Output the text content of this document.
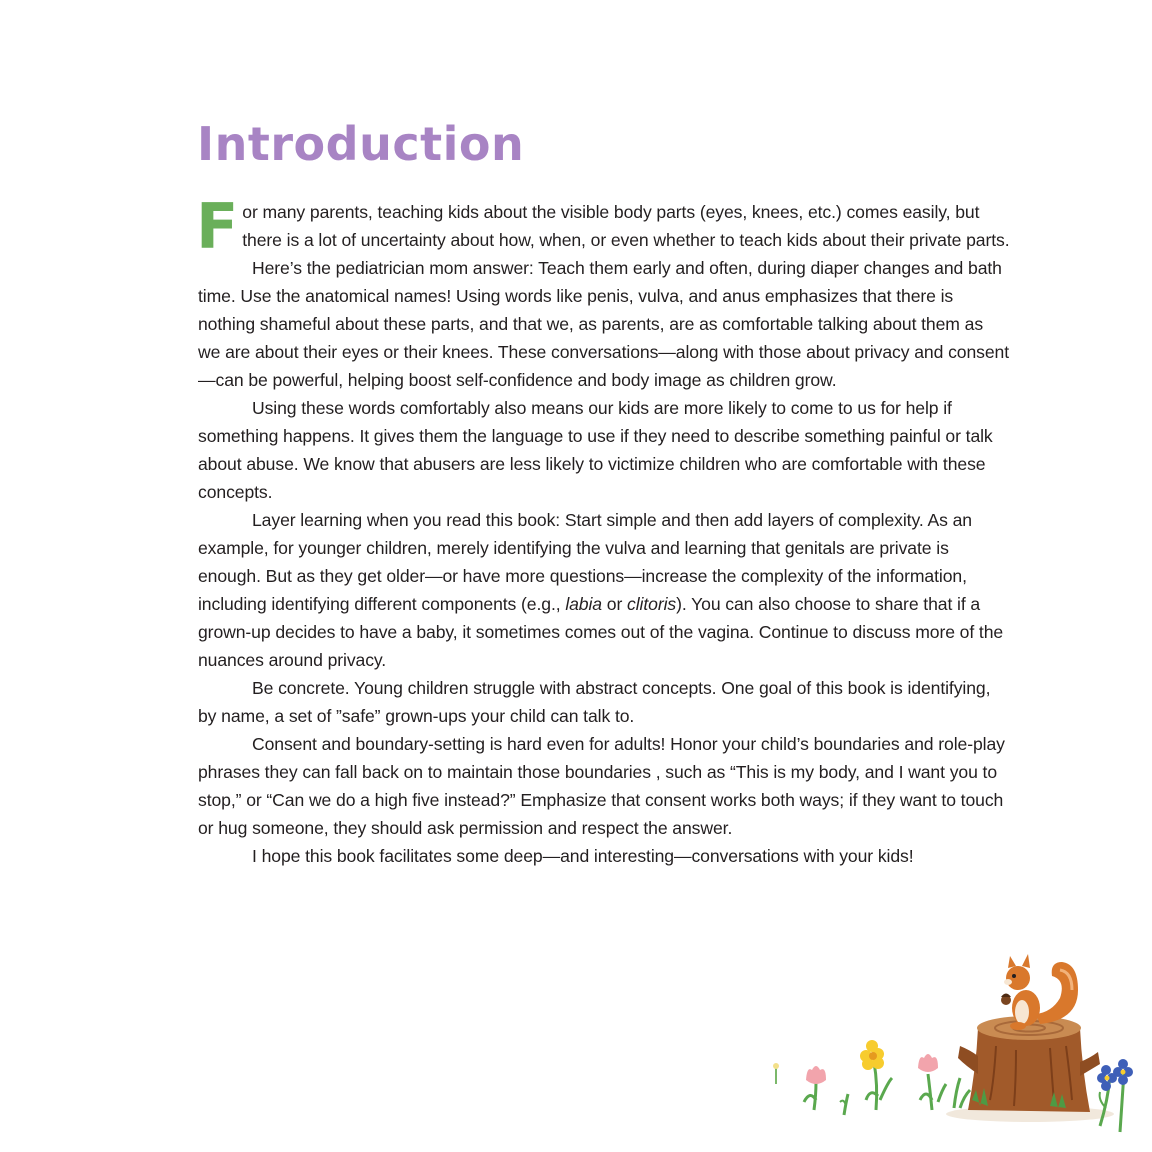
Introduction

For many parents, teaching kids about the visible body parts (eyes, knees, etc.) comes easily, but there is a lot of uncertainty about how, when, or even whether to teach kids about their private parts.

Here’s the pediatrician mom answer: Teach them early and often, during diaper changes and bath time. Use the anatomical names! Using words like penis, vulva, and anus emphasizes that there is nothing shameful about these parts, and that we, as parents, are as comfortable talking about them as we are about their eyes or their knees. These conversations—along with those about privacy and consent—can be powerful, helping boost self-confidence and body image as children grow.

Using these words comfortably also means our kids are more likely to come to us for help if something happens. It gives them the language to use if they need to describe something painful or talk about abuse. We know that abusers are less likely to victimize children who are comfortable with these concepts.

Layer learning when you read this book: Start simple and then add layers of complexity. As an example, for younger children, merely identifying the vulva and learning that genitals are private is enough. But as they get older—or have more questions—increase the complexity of the information, including identifying different components (e.g., labia or clitoris). You can also choose to share that if a grown-up decides to have a baby, it sometimes comes out of the vagina. Continue to discuss more of the nuances around privacy.

Be concrete. Young children struggle with abstract concepts. One goal of this book is identifying, by name, a set of ”safe” grown-ups your child can talk to.

Consent and boundary-setting is hard even for adults! Honor your child’s boundaries and role-play phrases they can fall back on to maintain those boundaries , such as “This is my body, and I want you to stop,” or “Can we do a high five instead?” Emphasize that consent works both ways; if they want to touch or hug someone, they should ask permission and respect the answer.

I hope this book facilitates some deep—and interesting—conversations with your kids!
